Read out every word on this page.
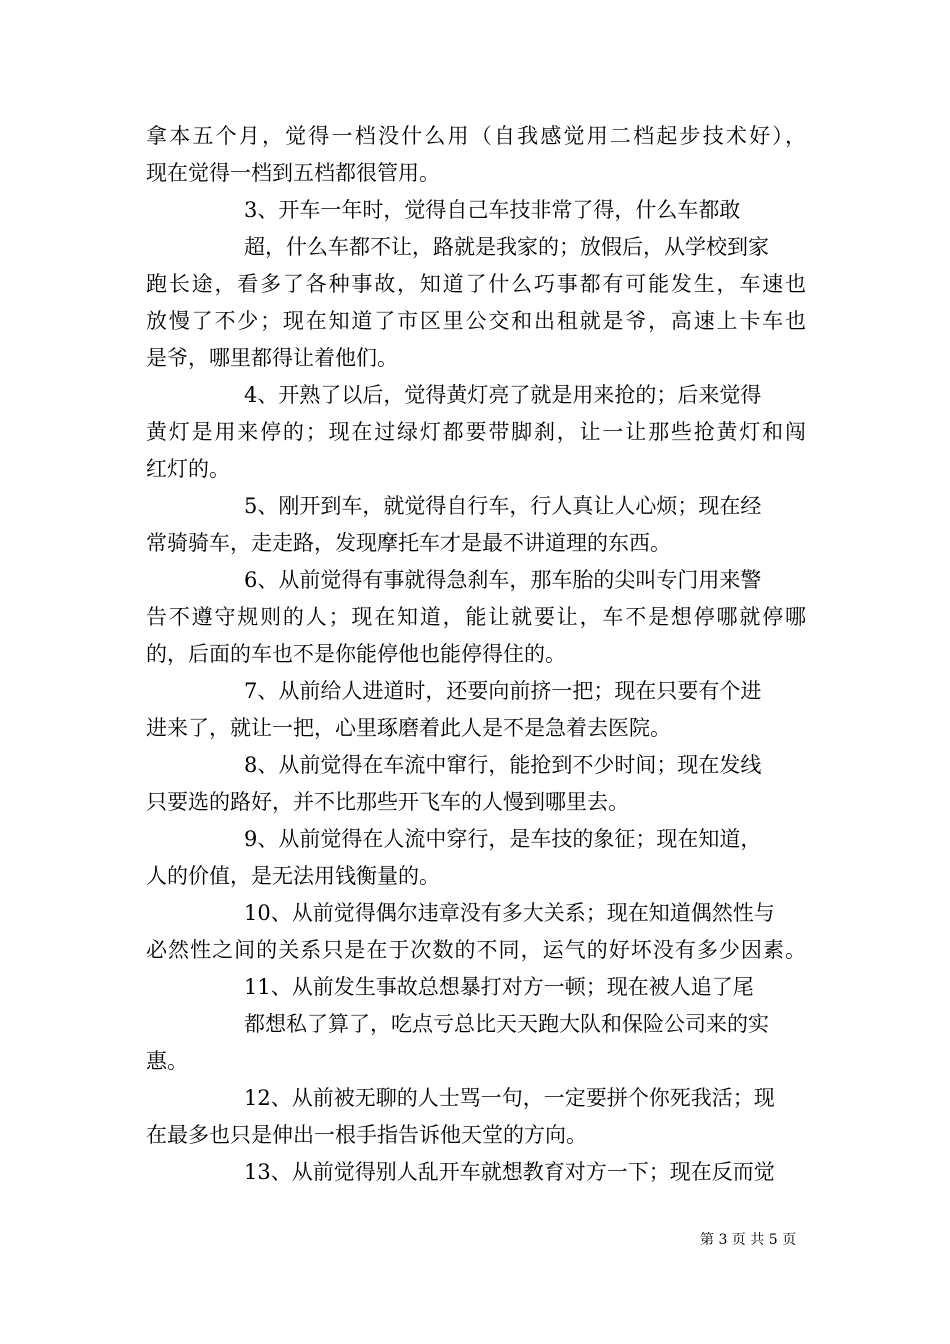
拿本五个月，觉得一档没什么用（自我感觉用二档起步技术好），
现在觉得一档到五档都很管用。
3、开车一年时，觉得自己车技非常了得，什么车都敢
超，什么车都不让，路就是我家的；放假后，从学校到家
跑长途，看多了各种事故，知道了什么巧事都有可能发生，车速也
放慢了不少；现在知道了市区里公交和出租就是爷，高速上卡车也
是爷，哪里都得让着他们。
4、开熟了以后，觉得黄灯亮了就是用来抢的；后来觉得
黄灯是用来停的；现在过绿灯都要带脚刹，让一让那些抢黄灯和闯
红灯的。
5、刚开到车，就觉得自行车，行人真让人心烦；现在经
常骑骑车，走走路，发现摩托车才是最不讲道理的东西。
6、从前觉得有事就得急刹车，那车胎的尖叫专门用来警
告不遵守规则的人；现在知道，能让就要让，车不是想停哪就停哪
的，后面的车也不是你能停他也能停得住的。
7、从前给人进道时，还要向前挤一把；现在只要有个进
进来了，就让一把，心里琢磨着此人是不是急着去医院。
8、从前觉得在车流中窜行，能抢到不少时间；现在发线
只要选的路好，并不比那些开飞车的人慢到哪里去。
9、从前觉得在人流中穿行，是车技的象征；现在知道，
人的价值，是无法用钱衡量的。
10、从前觉得偶尔违章没有多大关系；现在知道偶然性与
必然性之间的关系只是在于次数的不同，运气的好坏没有多少因素。
11、从前发生事故总想暴打对方一顿；现在被人追了尾
都想私了算了，吃点亏总比天天跑大队和保险公司来的实
惠。
12、从前被无聊的人士骂一句，一定要拼个你死我活；现
在最多也只是伸出一根手指告诉他天堂的方向。
13、从前觉得别人乱开车就想教育对方一下；现在反而觉
第 3 页 共 5 页
